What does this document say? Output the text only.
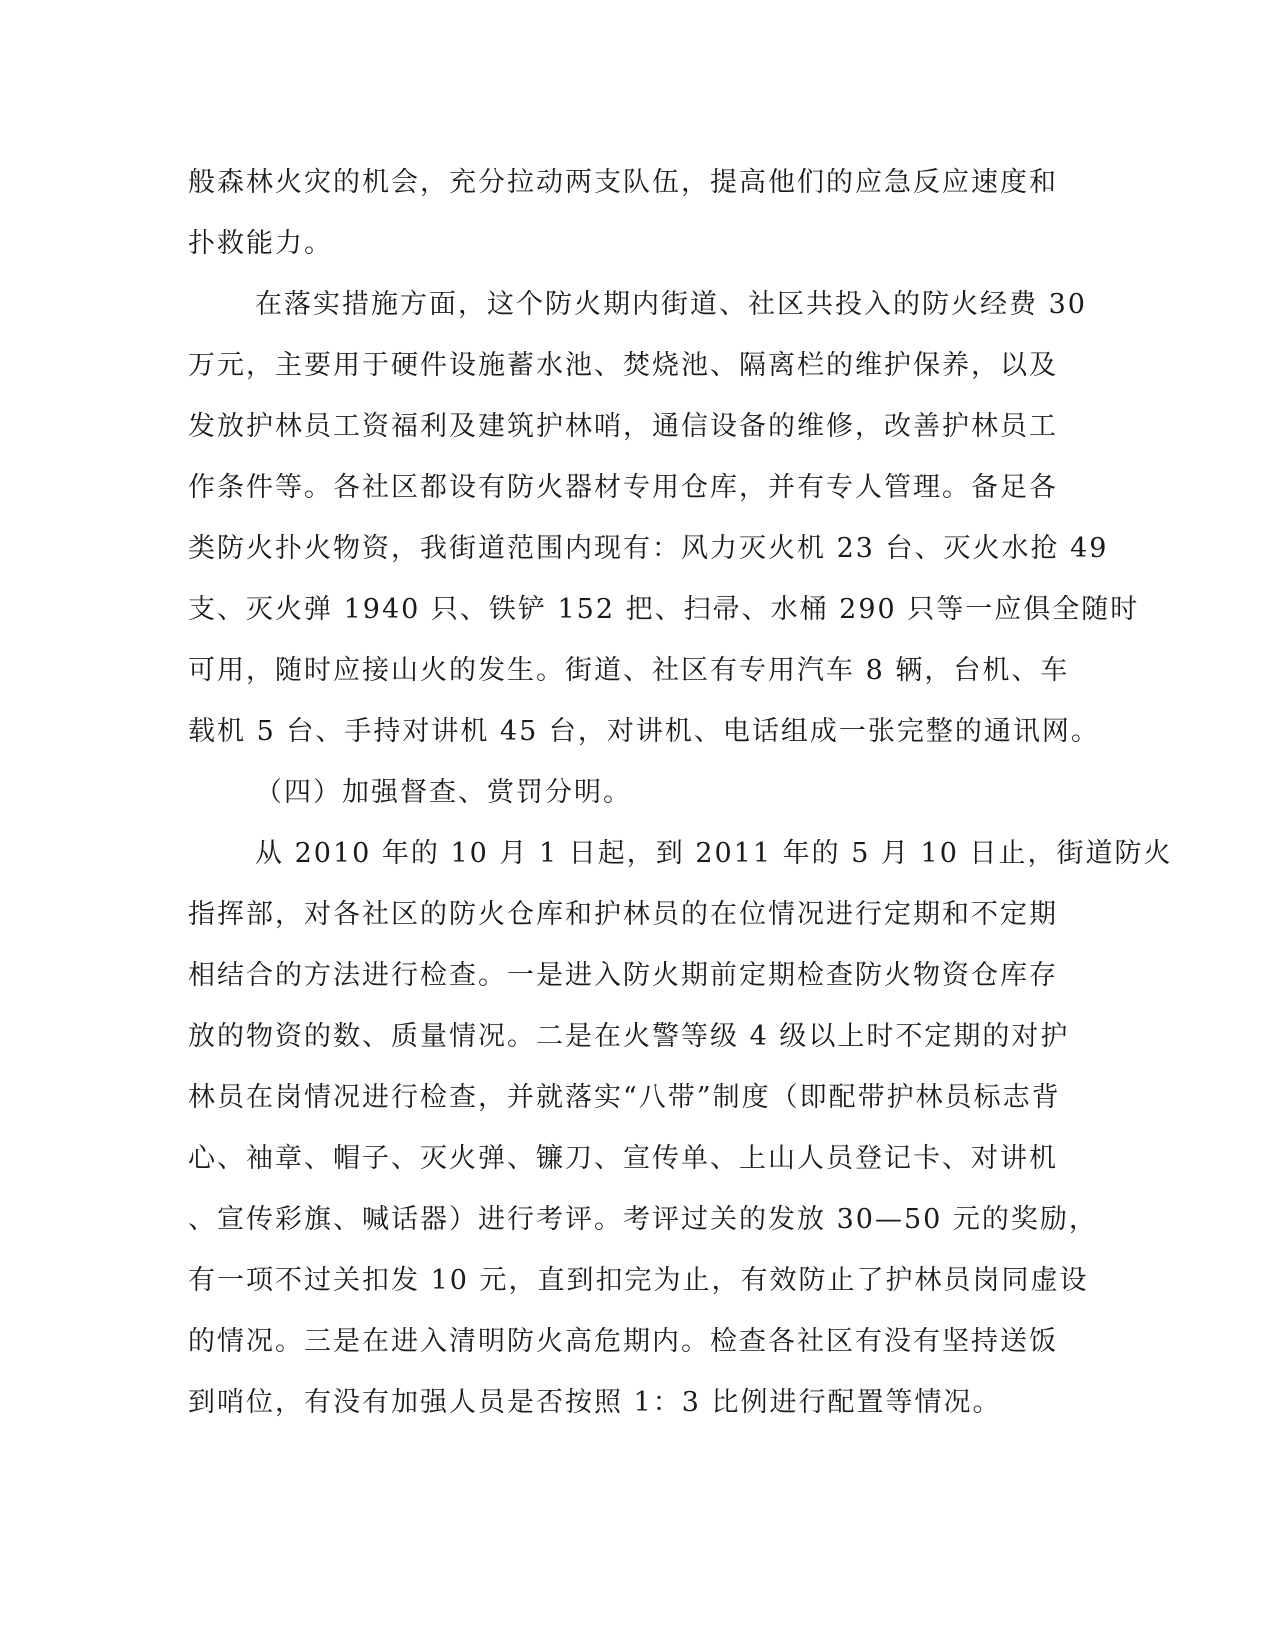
般森林火灾的机会，充分拉动两支队伍，提高他们的应急反应速度和
扑救能力。
在落实措施方面，这个防火期内街道、社区共投入的防火经费 30
万元，主要用于硬件设施蓄水池、焚烧池、隔离栏的维护保养，以及
发放护林员工资福利及建筑护林哨，通信设备的维修，改善护林员工
作条件等。各社区都设有防火器材专用仓库，并有专人管理。备足各
类防火扑火物资，我街道范围内现有：风力灭火机 23 台、灭火水抢 49
支、灭火弹 1940 只、铁铲 152 把、扫帚、水桶 290 只等一应俱全随时
可用，随时应接山火的发生。街道、社区有专用汽车 8 辆，台机、车
载机 5 台、手持对讲机 45 台，对讲机、电话组成一张完整的通讯网。
（四）加强督查、赏罚分明。
从 2010 年的 10 月 1 日起，到 2011 年的 5 月 10 日止，街道防火
指挥部，对各社区的防火仓库和护林员的在位情况进行定期和不定期
相结合的方法进行检查。一是进入防火期前定期检查防火物资仓库存
放的物资的数、质量情况。二是在火警等级 4 级以上时不定期的对护
林员在岗情况进行检查，并就落实“八带”制度（即配带护林员标志背
心、袖章、帽子、灭火弹、镰刀、宣传单、上山人员登记卡、对讲机
、宣传彩旗、喊话器）进行考评。考评过关的发放 30—50 元的奖励，
有一项不过关扣发 10 元，直到扣完为止，有效防止了护林员岗同虚设
的情况。三是在进入清明防火高危期内。检查各社区有没有坚持送饭
到哨位，有没有加强人员是否按照 1：3 比例进行配置等情况。
